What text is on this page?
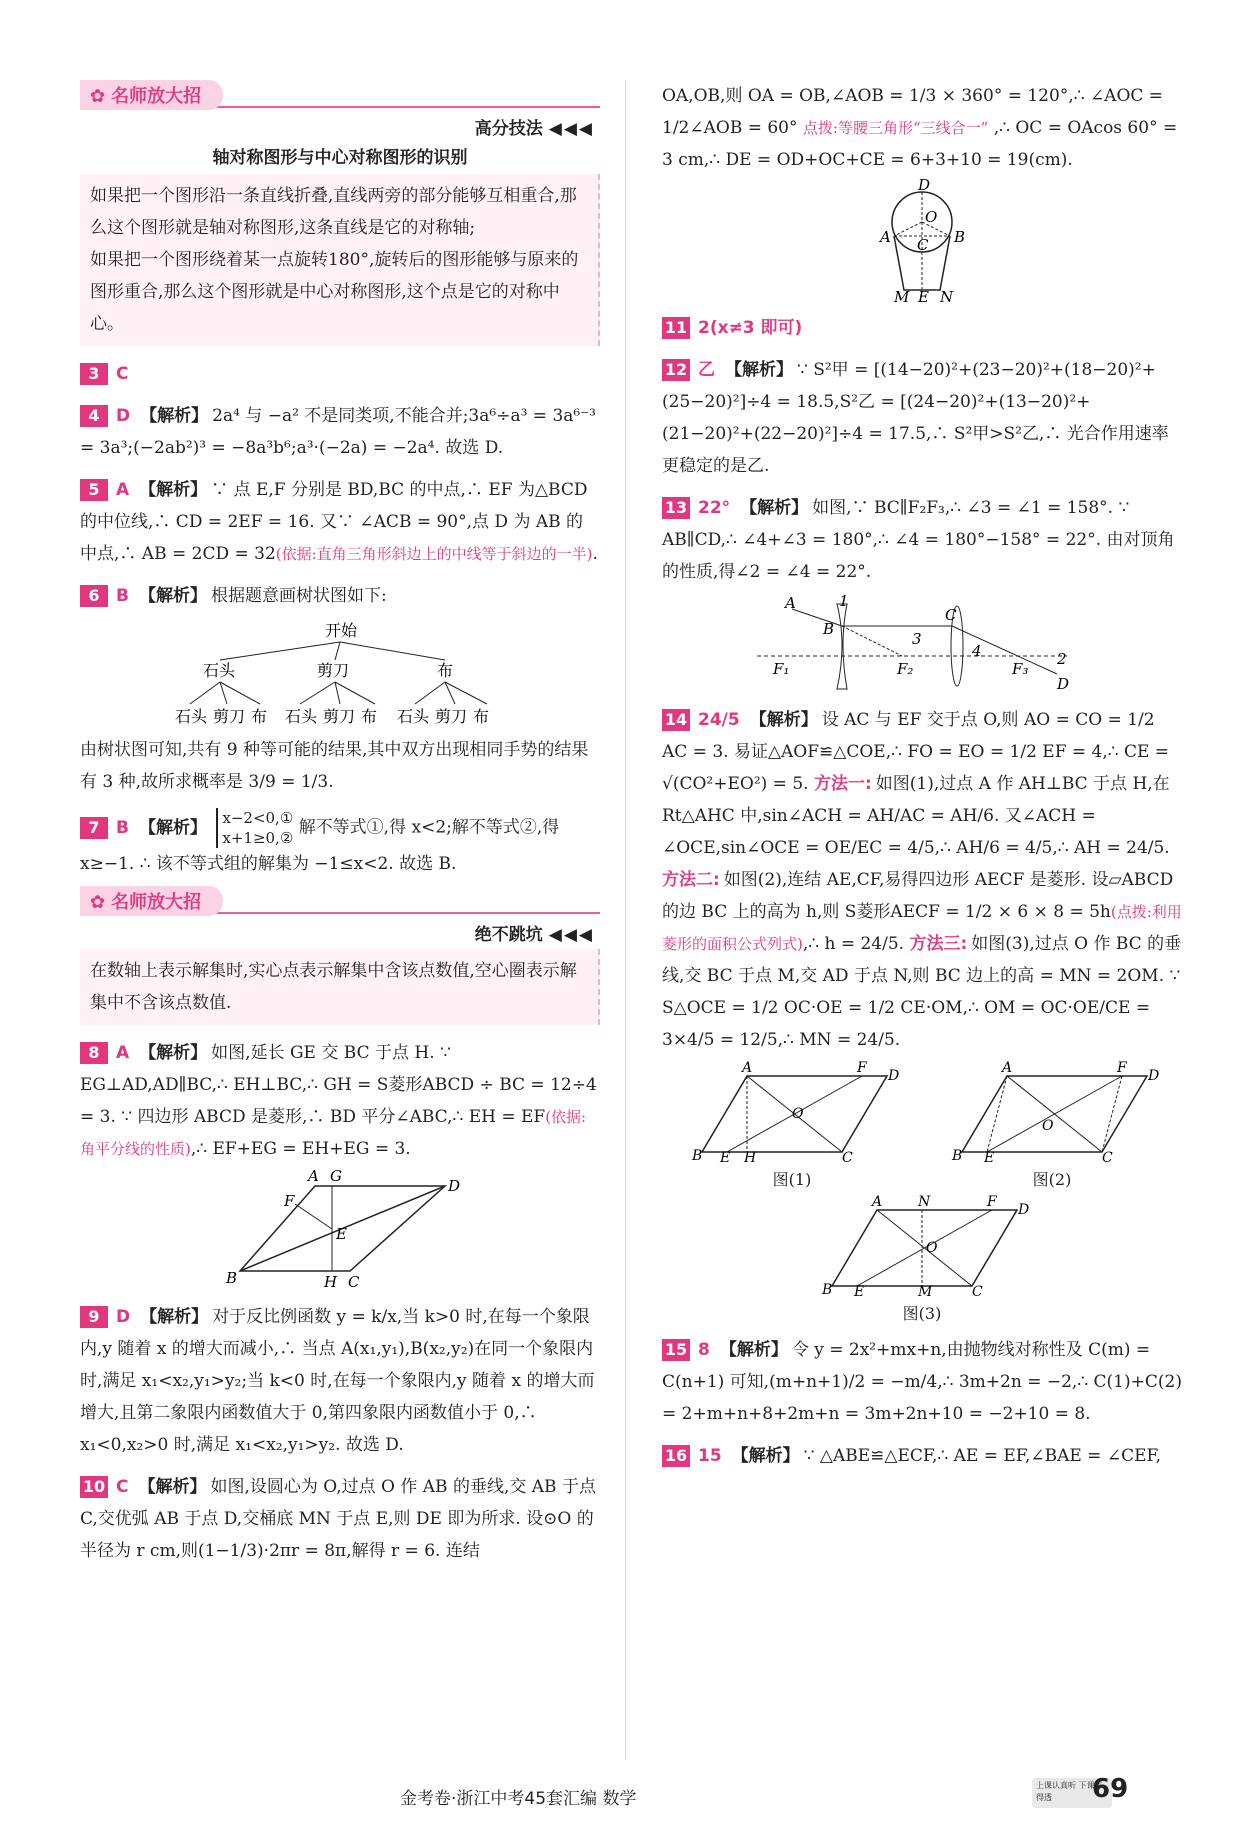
✿ 名师放大招
高分技法 ◀◀◀
轴对称图形与中心对称图形的识别
如果把一个图形沿一条直线折叠,直线两旁的部分能够互相重合,那么这个图形就是轴对称图形,这条直线是它的对称轴;
如果把一个图形绕着某一点旋转180°,旋转后的图形能够与原来的图形重合,那么这个图形就是中心对称图形,这个点是它的对称中心。
3 C
4 D 【解析】 2a⁴ 与 −a² 不是同类项,不能合并;3a⁶÷a³ = 3a⁶⁻³ = 3a³;(−2ab²)³ = −8a³b⁶;a³·(−2a) = −2a⁴. 故选 D.
5 A 【解析】 ∵ 点 E,F 分别是 BD,BC 的中点,∴ EF 为△BCD 的中位线,∴ CD = 2EF = 16. 又∵ ∠ACB = 90°,点 D 为 AB 的中点,∴ AB = 2CD = 32(依据:直角三角形斜边上的中线等于斜边的一半).
6 B 【解析】 根据题意画树状图如下:
开始
石头	剪刀	布
石头 剪刀 布 石头 剪刀 布 石头 剪刀 布
由树状图可知,共有 9 种等可能的结果,其中双方出现相同手势的结果有 3 种,故所求概率是 3/9 = 1/3.
7 B 【解析】 x−2<0,①
x+1≥0,② 解不等式①,得 x<2;解不等式②,得 x≥−1. ∴ 该不等式组的解集为 −1≤x<2. 故选 B.
✿ 名师放大招
绝不跳坑 ◀◀◀
在数轴上表示解集时,实心点表示解集中含该点数值,空心圈表示解集中不含该点数值.
8 A 【解析】 如图,延长 GE 交 BC 于点 H. ∵ EG⊥AD,AD∥BC,∴ EH⊥BC,∴ GH = S菱形ABCD ÷ BC = 12÷4 = 3. ∵ 四边形 ABCD 是菱形,∴ BD 平分∠ABC,∴ EH = EF(依据:角平分线的性质),∴ EF+EG = EH+EG = 3.
A G
F
D
E
B	H C
9 D 【解析】 对于反比例函数 y = k/x,当 k>0 时,在每一个象限内,y 随着 x 的增大而减小,∴ 当点 A(x₁,y₁),B(x₂,y₂)在同一个象限内时,满足 x₁<x₂,y₁>y₂;当 k<0 时,在每一个象限内,y 随着 x 的增大而增大,且第二象限内函数值大于 0,第四象限内函数值小于 0,∴ x₁<0,x₂>0 时,满足 x₁<x₂,y₁>y₂. 故选 D.
10 C 【解析】 如图,设圆心为 O,过点 O 作 AB 的垂线,交 AB 于点 C,交优弧 AB 于点 D,交桶底 MN 于点 E,则 DE 即为所求. 设⊙O 的半径为 r cm,则(1−1/3)·2πr = 8π,解得 r = 6. 连结
OA,OB,则 OA = OB,∠AOB = 1/3 × 360° = 120°,∴ ∠AOC = 1/2∠AOB = 60° 点拨:等腰三角形“三线合一” ,∴ OC = OAcos 60° = 3 cm,∴ DE = OD+OC+CE = 6+3+10 = 19(cm).
D
O
A	B
C
M E N
11 2(x≠3 即可)
12 乙 【解析】 ∵ S²甲 = [(14−20)²+(23−20)²+(18−20)²+(25−20)²]÷4 = 18.5,S²乙 = [(24−20)²+(13−20)²+(21−20)²+(22−20)²]÷4 = 17.5,∴ S²甲>S²乙,∴ 光合作用速率更稳定的是乙.
13 22° 【解析】 如图,∵ BC∥F₂F₃,∴ ∠3 = ∠1 = 158°. ∵ AB∥CD,∴ ∠4+∠3 = 180°,∴ ∠4 = 180°−158° = 22°. 由对顶角的性质,得∠2 = ∠4 = 22°.
A	1
B
C
3
4	2
F₁	F₂	F₃
D
14 24/5 【解析】 设 AC 与 EF 交于点 O,则 AO = CO = 1/2 AC = 3. 易证△AOF≌△COE,∴ FO = EO = 1/2 EF = 4,∴ CE = √(CO²+EO²) = 5. 方法一: 如图(1),过点 A 作 AH⊥BC 于点 H,在 Rt△AHC 中,sin∠ACH = AH/AC = AH/6. 又∠ACH = ∠OCE,sin∠OCE = OE/EC = 4/5,∴ AH/6 = 4/5,∴ AH = 24/5. 方法二: 如图(2),连结 AE,CF,易得四边形 AECF 是菱形. 设▱ABCD 的边 BC 上的高为 h,则 S菱形AECF = 1/2 × 6 × 8 = 5h(点拨:利用菱形的面积公式列式),∴ h = 24/5. 方法三: 如图(3),过点 O 作 BC 的垂线,交 BC 于点 M,交 AD 于点 N,则 BC 边上的高 = MN = 2OM. ∵ S△OCE = 1/2 OC·OE = 1/2 CE·OM,∴ OM = OC·OE/CE = 3×4/5 = 12/5,∴ MN = 24/5.
A	F D
O
B E H	C
图(1)
A	F D
O
B E	C
图(2)
A	N	F D
O
B E	M	C
图(3)
15 8 【解析】 令 y = 2x²+mx+n,由抛物线对称性及 C(m) = C(n+1) 可知,(m+n+1)/2 = −m/4,∴ 3m+2n = −2,∴ C(1)+C(2) = 2+m+n+8+2m+n = 3m+2n+10 = −2+10 = 8.
16 15 【解析】 ∵ △ABE≌△ECF,∴ AE = EF,∠BAE = ∠CEF,
金考卷·浙江中考45套汇编 数学
上课认真听 下课练得透	69
